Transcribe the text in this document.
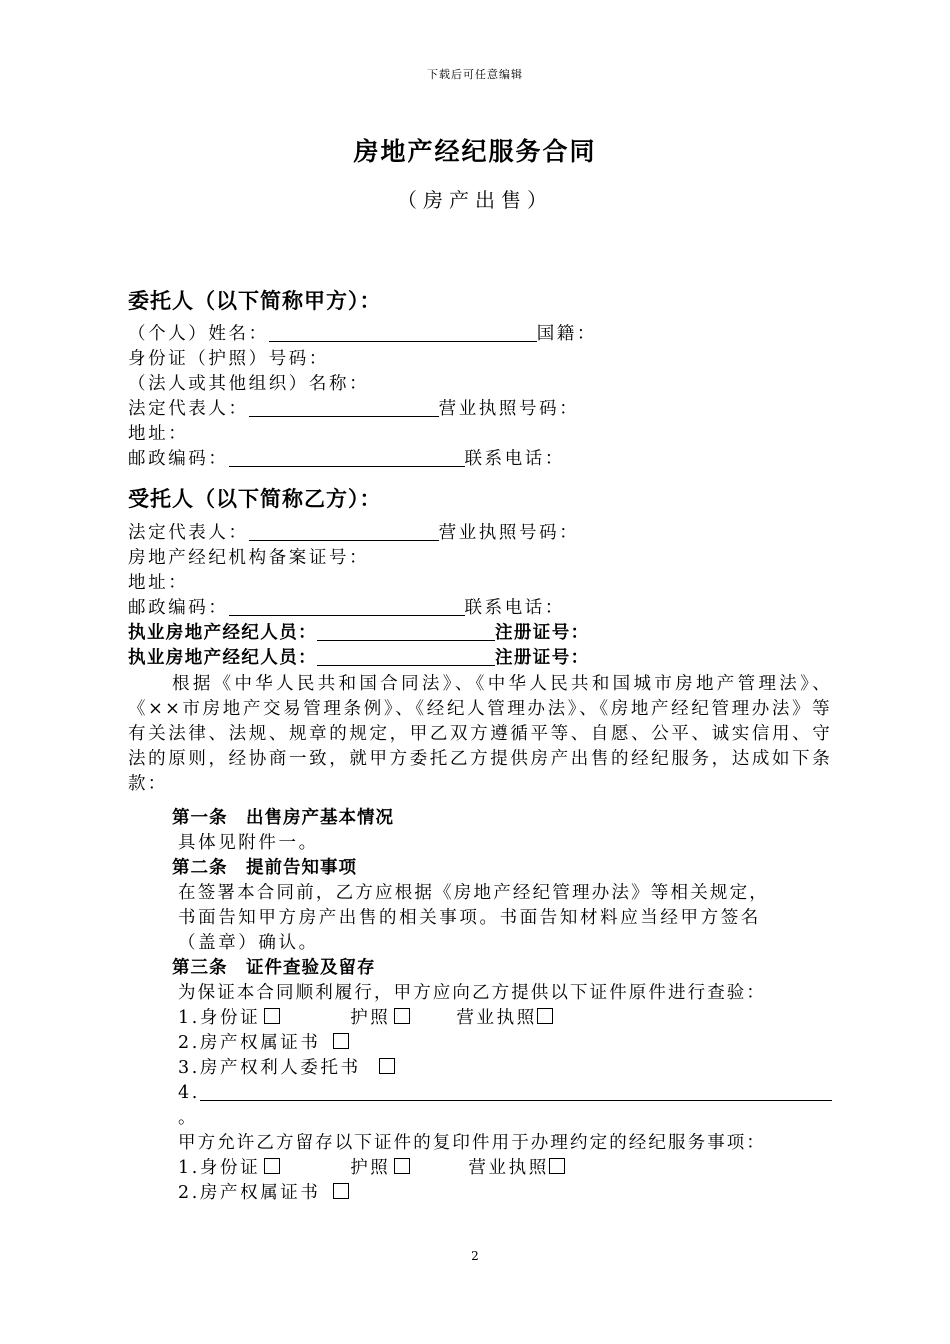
下载后可任意编辑
房地产经纪服务合同
（房产出售）
委托人（以下简称甲方）：
（个人）姓名：	国籍：
身份证（护照）号码：
（法人或其他组织）名称：
法定代表人：	营业执照号码：
地址：
邮政编码：	联系电话：
受托人（以下简称乙方）：
法定代表人：	营业执照号码：
房地产经纪机构备案证号：
地址：
邮政编码：	联系电话：
执业房地产经纪人员：	注册证号：
执业房地产经纪人员：	注册证号：
根据《中华人民共和国合同法》、《中华人民共和国城市房地产管理法》、《××市房地产交易管理条例》、《经纪人管理办法》、《房地产经纪管理办法》等有关法律、法规、规章的规定，甲乙双方遵循平等、自愿、公平、诚实信用、守法的原则，经协商一致，就甲方委托乙方提供房产出售的经纪服务，达成如下条款：
第一条　出售房产基本情况
具体见附件一。
第二条　提前告知事项
在签署本合同前，乙方应根据《房地产经纪管理办法》等相关规定，
书面告知甲方房产出售的相关事项。书面告知材料应当经甲方签名
（盖章）确认。
第三条　证件查验及留存
为保证本合同顺利履行，甲方应向乙方提供以下证件原件进行查验：
1.身份证	护照	营业执照
2.房产权属证书
3.房产权利人委托书
4.
。
甲方允许乙方留存以下证件的复印件用于办理约定的经纪服务事项：
1.身份证	护照	营业执照
2.房产权属证书
2
